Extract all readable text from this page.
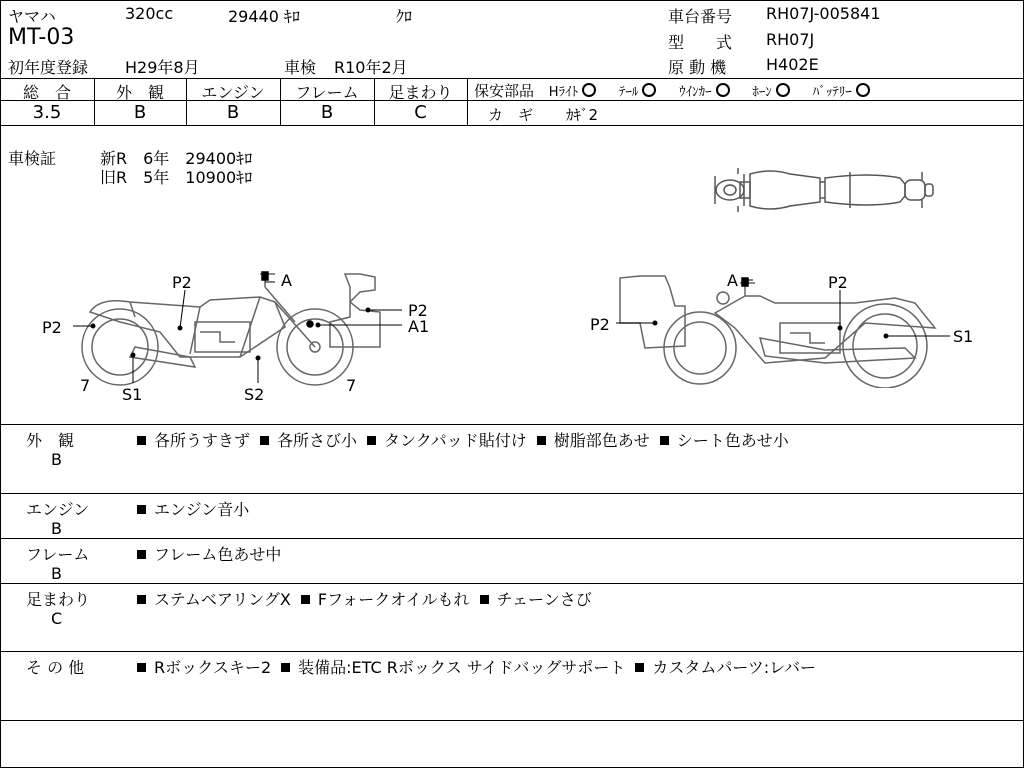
ヤマハ	320cc	29440 ｷﾛ	ｸﾛ
MT-03
初年度登録 H29年8月	車検 R10年2月
車台番号 RH07J-005841
型　　式 RH07J
原 動 機 H402E
総　合	外　観	エンジン	フレーム	足まわり
3.5	B	B	B	C
保安部品 Hﾗｲﾄ	ﾃｰﾙ	ｳｲﾝｶｰ	ﾎｰﾝ	ﾊﾞｯﾃﾘｰ
カ　ギ ｶｷﾞ2
車検証	新R　6年　29400ｷﾛ
旧R　5年　10900ｷﾛ
P2	A
P2
P2
A1
7	7
S1	S2
A	P2
P2
S1
外　観
B
各所うすきず 各所さび小 タンクパッド貼付け 樹脂部色あせ シート色あせ小
エンジン
B
エンジン音小
フレーム
B
フレーム色あせ中
足まわり
C
ステムベアリングX Fフォークオイルもれ チェーンさび
そ の 他	Rボックスキー2 装備品:ETC Rボックス サイドバッグサポート カスタムパーツ:レバー
